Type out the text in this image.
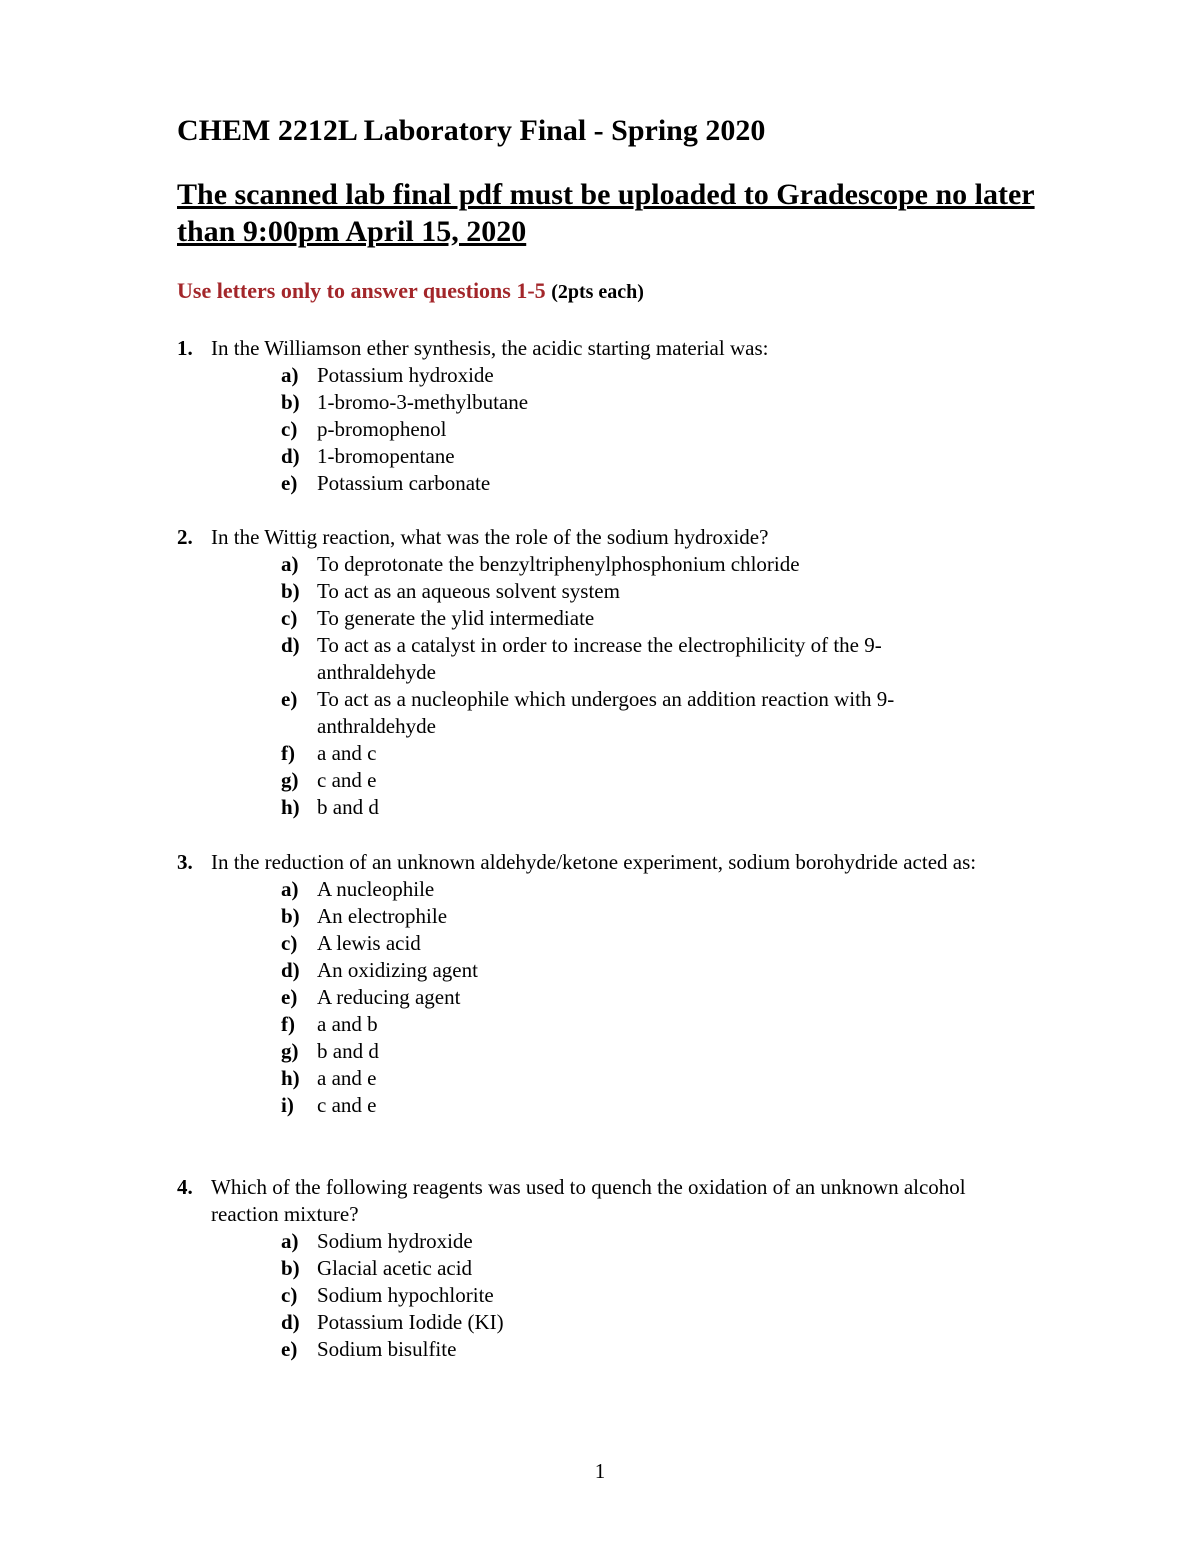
CHEM 2212L Laboratory Final - Spring 2020
The scanned lab final pdf must be uploaded to Gradescope no later than 9:00pm April 15, 2020
Use letters only to answer questions 1-5 (2pts each)
1. In the Williamson ether synthesis, the acidic starting material was:
a) Potassium hydroxide
b) 1-bromo-3-methylbutane
c) p-bromophenol
d) 1-bromopentane
e) Potassium carbonate
2. In the Wittig reaction, what was the role of the sodium hydroxide?
a) To deprotonate the benzyltriphenylphosphonium chloride
b) To act as an aqueous solvent system
c) To generate the ylid intermediate
d) To act as a catalyst in order to increase the electrophilicity of the 9-anthraldehyde
e) To act as a nucleophile which undergoes an addition reaction with 9-anthraldehyde
f)	a and c
g) c and e
h) b and d
3. In the reduction of an unknown aldehyde/ketone experiment, sodium borohydride acted as:
a) A nucleophile
b) An electrophile
c) A lewis acid
d) An oxidizing agent
e) A reducing agent
f)	a and b
g) b and d
h) a and e
i)	c and e
4. Which of the following reagents was used to quench the oxidation of an unknown alcohol reaction mixture?
a) Sodium hydroxide
b) Glacial acetic acid
c) Sodium hypochlorite
d) Potassium Iodide (KI)
e) Sodium bisulfite
1
